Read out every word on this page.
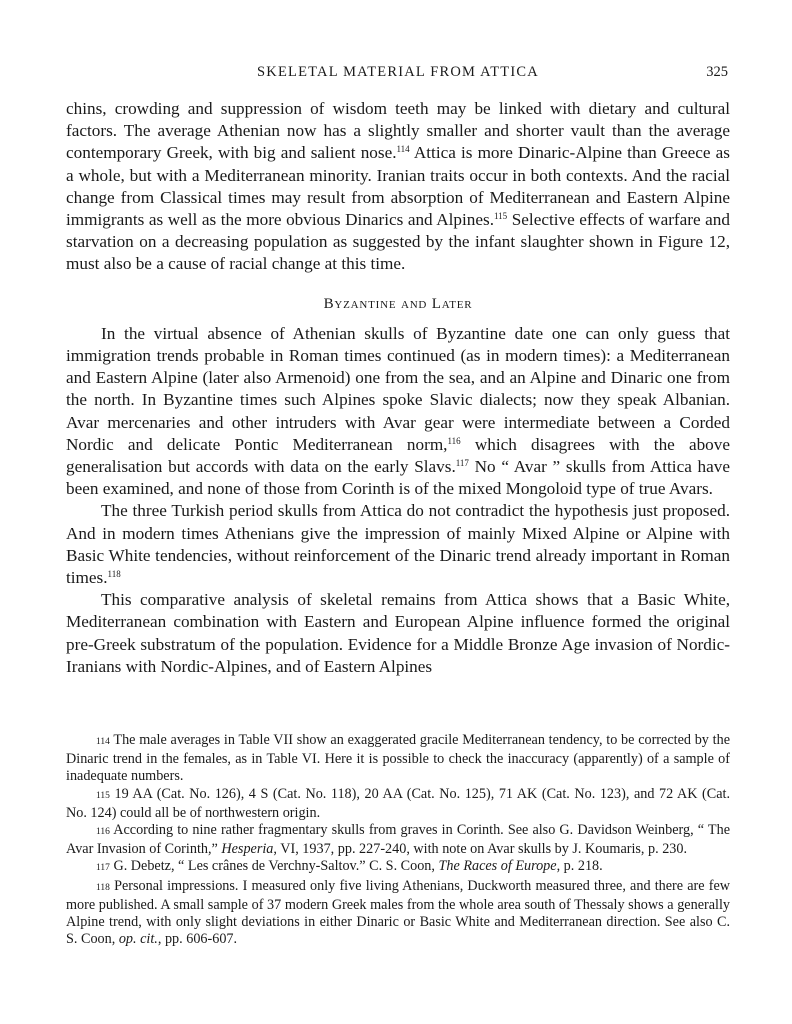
SKELETAL MATERIAL FROM ATTICA	325

chins, crowding and suppression of wisdom teeth may be linked with dietary and cultural factors. The average Athenian now has a slightly smaller and shorter vault than the average contemporary Greek, with big and salient nose.$^{114}$ Attica is more Dinaric-Alpine than Greece as a whole, but with a Mediterranean minority. Iranian traits occur in both contexts. And the racial change from Classical times may result from absorption of Mediterranean and Eastern Alpine immigrants as well as the more obvious Dinarics and Alpines.$^{115}$ Selective effects of warfare and starvation on a decreasing population as suggested by the infant slaughter shown in Figure 12, must also be a cause of racial change at this time.

Byzantine and Later

In the virtual absence of Athenian skulls of Byzantine date one can only guess that immigration trends probable in Roman times continued (as in modern times): a Mediterranean and Eastern Alpine (later also Armenoid) one from the sea, and an Alpine and Dinaric one from the north. In Byzantine times such Alpines spoke Slavic dialects; now they speak Albanian. Avar mercenaries and other intruders with Avar gear were intermediate between a Corded Nordic and delicate Pontic Mediterranean norm,$^{116}$ which disagrees with the above generalisation but accords with data on the early Slavs.$^{117}$ No “ Avar ” skulls from Attica have been examined, and none of those from Corinth is of the mixed Mongoloid type of true Avars.

The three Turkish period skulls from Attica do not contradict the hypothesis just proposed. And in modern times Athenians give the impression of mainly Mixed Alpine or Alpine with Basic White tendencies, without reinforcement of the Dinaric trend already important in Roman times.$^{118}$

This comparative analysis of skeletal remains from Attica shows that a Basic White, Mediterranean combination with Eastern and European Alpine influence formed the original pre-Greek substratum of the population. Evidence for a Middle Bronze Age invasion of Nordic-Iranians with Nordic-Alpines, and of Eastern Alpines

114 The male averages in Table VII show an exaggerated gracile Mediterranean tendency, to be corrected by the Dinaric trend in the females, as in Table VI. Here it is possible to check the inaccuracy (apparently) of a sample of inadequate numbers.

115 19 AA (Cat. No. 126), 4 S (Cat. No. 118), 20 AA (Cat. No. 125), 71 AK (Cat. No. 123), and 72 AK (Cat. No. 124) could all be of northwestern origin.

116 According to nine rather fragmentary skulls from graves in Corinth. See also G. Davidson Weinberg, “ The Avar Invasion of Corinth,” Hesperia, VI, 1937, pp. 227-240, with note on Avar skulls by J. Koumaris, p. 230.

117 G. Debetz, “ Les crânes de Verchny-Saltov.” C. S. Coon, The Races of Europe, p. 218.

118 Personal impressions. I measured only five living Athenians, Duckworth measured three, and there are few more published. A small sample of 37 modern Greek males from the whole area south of Thessaly shows a generally Alpine trend, with only slight deviations in either Dinaric or Basic White and Mediterranean direction. See also C. S. Coon, op. cit., pp. 606-607.
